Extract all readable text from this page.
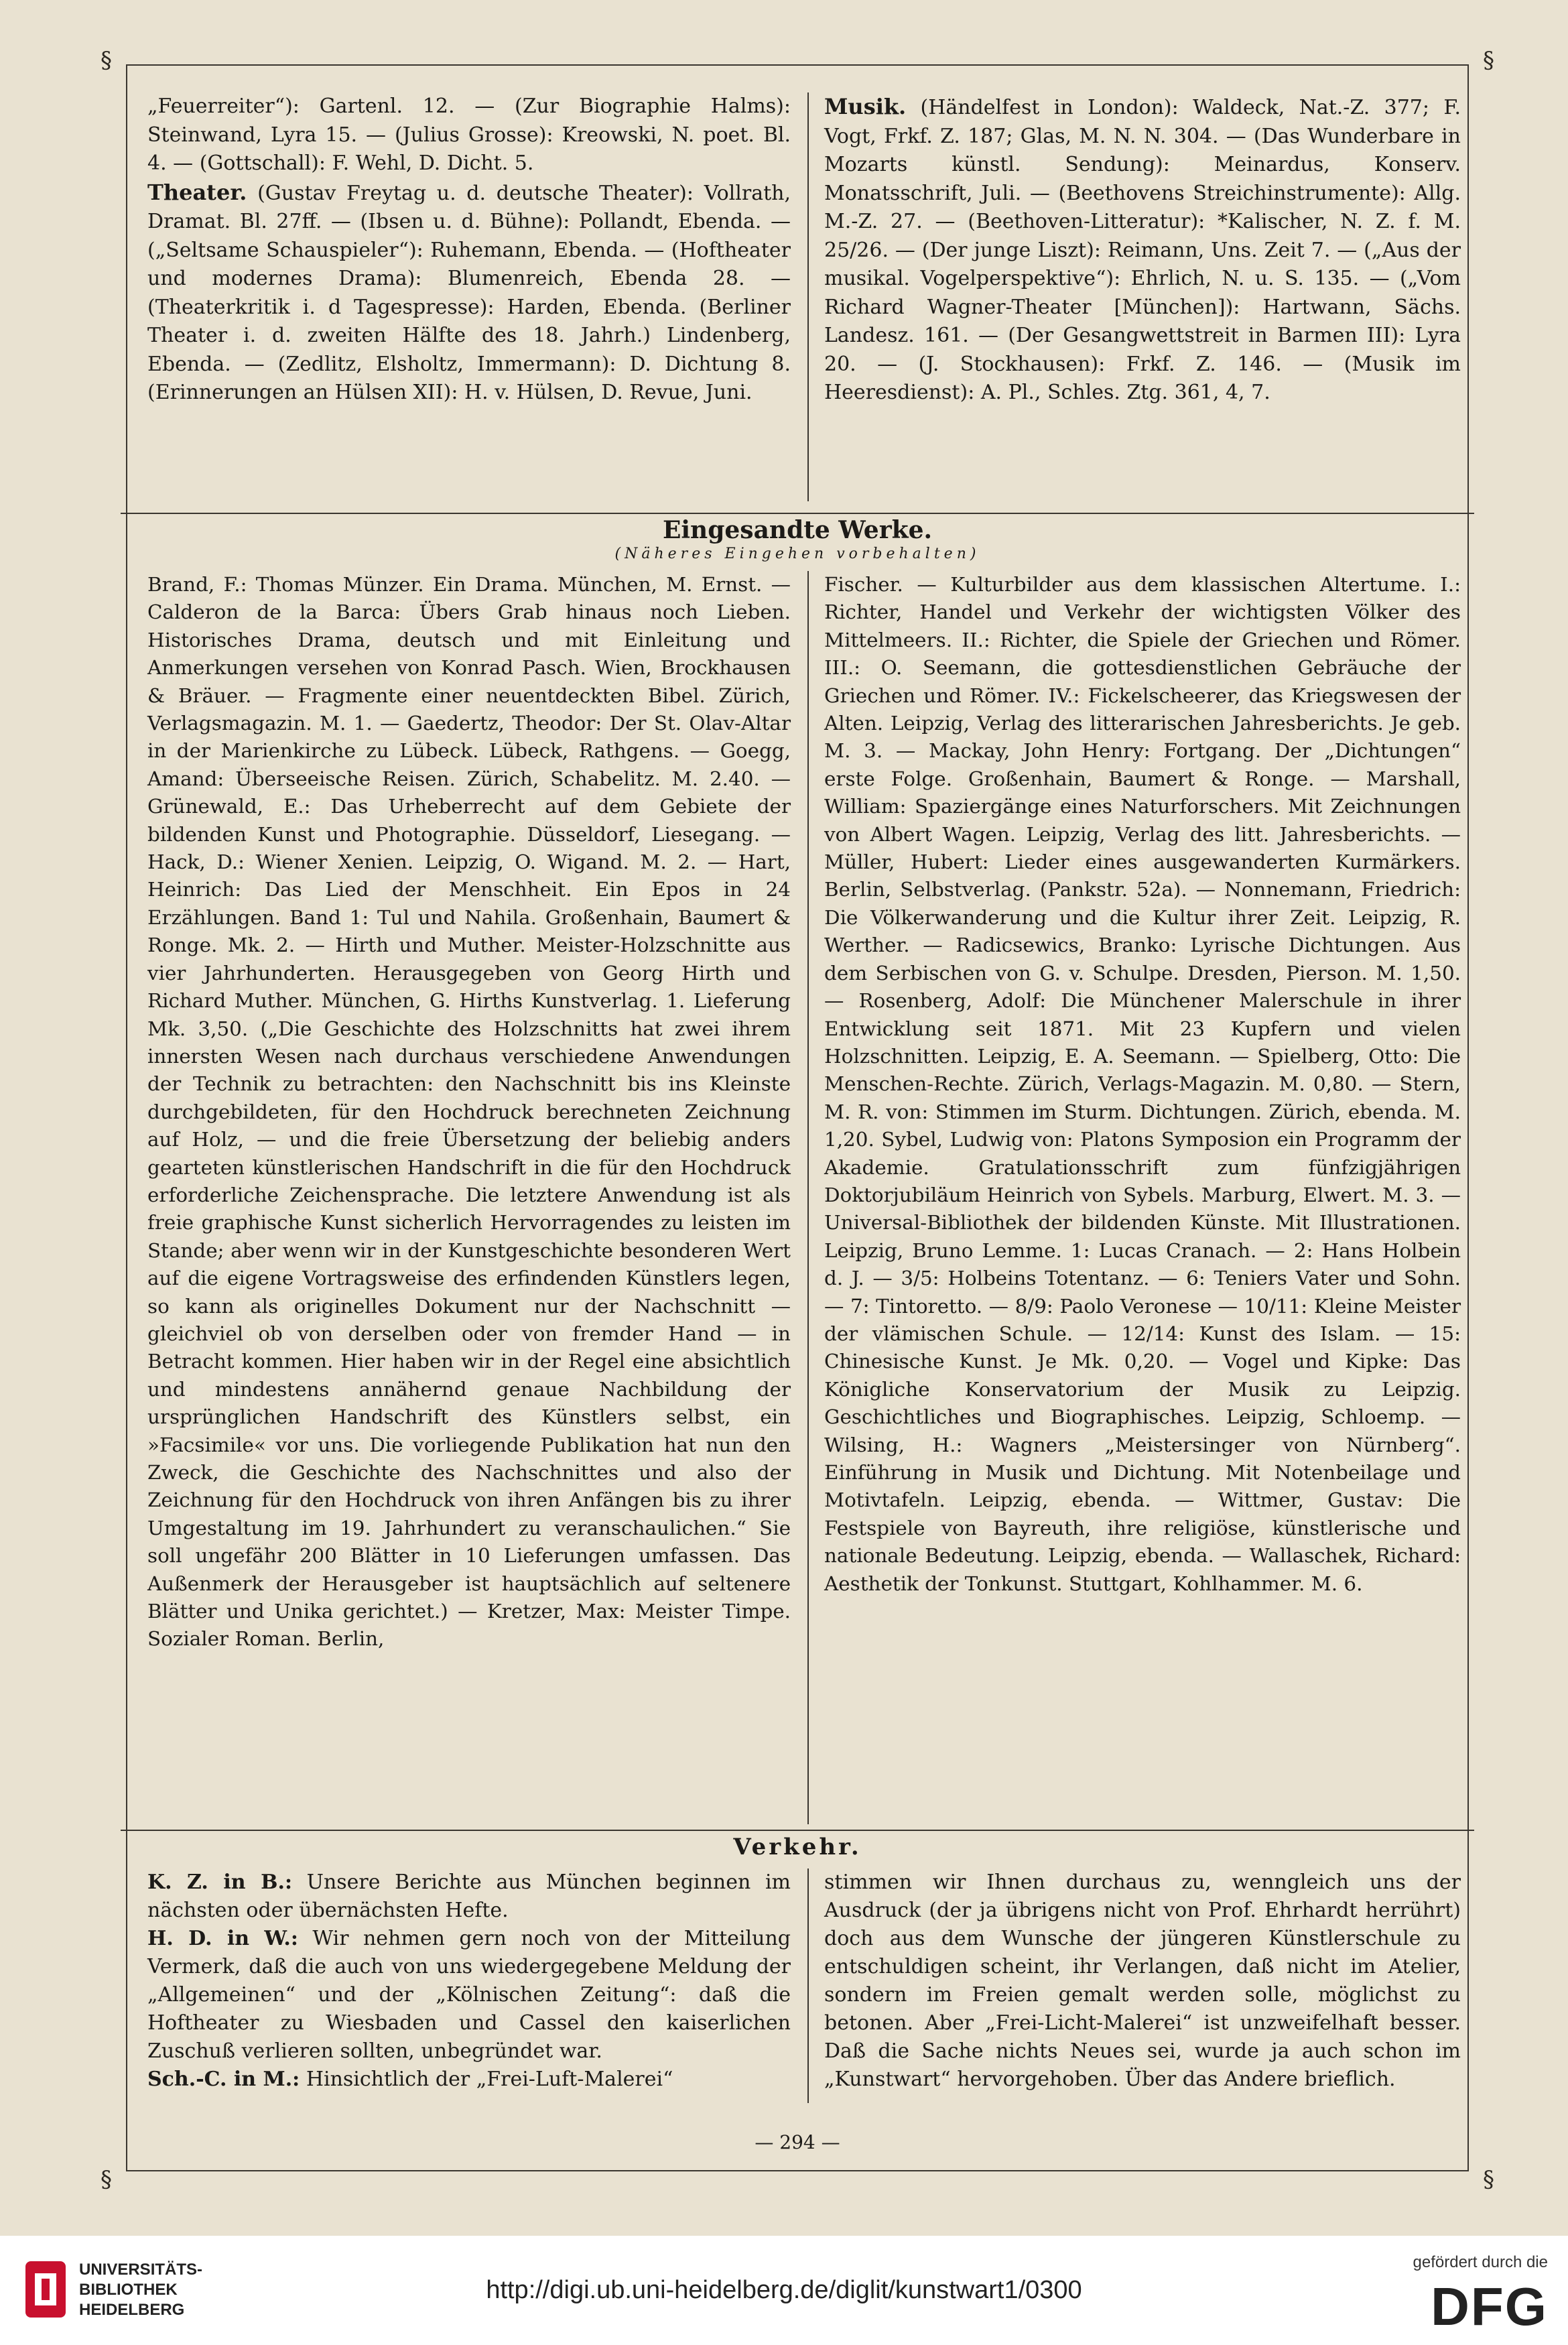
§	§
§	§

„Feuerreiter“): Gartenl. 12. — (Zur Biographie Halms): Steinwand, Lyra 15. — (Julius Grosse): Kreowski, N. poet. Bl. 4. — (Gottschall): F. Wehl, D. Dicht. 5.

Theater. (Gustav Freytag u. d. deutsche Theater): Vollrath, Dramat. Bl. 27ff. — (Ibsen u. d. Bühne): Pollandt, Ebenda. — („Seltsame Schauspieler“): Ruhemann, Ebenda. — (Hoftheater und modernes Drama): Blumenreich, Ebenda 28. — (Theaterkritik i. d Tagespresse): Harden, Ebenda. (Berliner Theater i. d. zweiten Hälfte des 18. Jahrh.) Lindenberg, Ebenda. — (Zedlitz, Elsholtz, Immermann): D. Dichtung 8. (Erinnerungen an Hülsen XII): H. v. Hülsen, D. Revue, Juni.

Musik. (Händelfest in London): Waldeck, Nat.-Z. 377; F. Vogt, Frkf. Z. 187; Glas, M. N. N. 304. — (Das Wunderbare in Mozarts künstl. Sendung): Meinardus, Konserv. Monatsschrift, Juli. — (Beethovens Streichinstrumente): Allg. M.-Z. 27. — (Beethoven-Litteratur): *Kalischer, N. Z. f. M. 25/26. — (Der junge Liszt): Reimann, Uns. Zeit 7. — („Aus der musikal. Vogelperspektive“): Ehrlich, N. u. S. 135. — („Vom Richard Wagner-Theater [München]): Hartwann, Sächs. Landesz. 161. — (Der Gesangwettstreit in Barmen III): Lyra 20. — (J. Stockhausen): Frkf. Z. 146. — (Musik im Heeresdienst): A. Pl., Schles. Ztg. 361, 4, 7.

Eingesandte Werke.
(Näheres Eingehen vorbehalten)

Brand, F.: Thomas Münzer. Ein Drama. München, M. Ernst. — Calderon de la Barca: Übers Grab hinaus noch Lieben. Historisches Drama, deutsch und mit Einleitung und Anmerkungen versehen von Konrad Pasch. Wien, Brockhausen & Bräuer. — Fragmente einer neuentdeckten Bibel. Zürich, Verlagsmagazin. M. 1. — Gaedertz, Theodor: Der St. Olav-Altar in der Marienkirche zu Lübeck. Lübeck, Rathgens. — Goegg, Amand: Überseeische Reisen. Zürich, Schabelitz. M. 2.40. — Grünewald, E.: Das Urheberrecht auf dem Gebiete der bildenden Kunst und Photographie. Düsseldorf, Liesegang. — Hack, D.: Wiener Xenien. Leipzig, O. Wigand. M. 2. — Hart, Heinrich: Das Lied der Menschheit. Ein Epos in 24 Erzählungen. Band 1: Tul und Nahila. Großenhain, Baumert & Ronge. Mk. 2. — Hirth und Muther. Meister-Holzschnitte aus vier Jahrhunderten. Herausgegeben von Georg Hirth und Richard Muther. München, G. Hirths Kunstverlag. 1. Lieferung Mk. 3,50. („Die Geschichte des Holzschnitts hat zwei ihrem innersten Wesen nach durchaus verschiedene Anwendungen der Technik zu betrachten: den Nachschnitt bis ins Kleinste durchgebildeten, für den Hochdruck berechneten Zeichnung auf Holz, — und die freie Übersetzung der beliebig anders gearteten künstlerischen Handschrift in die für den Hochdruck erforderliche Zeichensprache. Die letztere Anwendung ist als freie graphische Kunst sicherlich Hervorragendes zu leisten im Stande; aber wenn wir in der Kunstgeschichte besonderen Wert auf die eigene Vortragsweise des erfindenden Künstlers legen, so kann als originelles Dokument nur der Nachschnitt — gleichviel ob von derselben oder von fremder Hand — in Betracht kommen. Hier haben wir in der Regel eine absichtlich und mindestens annähernd genaue Nachbildung der ursprünglichen Handschrift des Künstlers selbst, ein »Facsimile« vor uns. Die vorliegende Publikation hat nun den Zweck, die Geschichte des Nachschnittes und also der Zeichnung für den Hochdruck von ihren Anfängen bis zu ihrer Umgestaltung im 19. Jahrhundert zu veranschaulichen.“ Sie soll ungefähr 200 Blätter in 10 Lieferungen umfassen. Das Außenmerk der Herausgeber ist hauptsächlich auf seltenere Blätter und Unika gerichtet.) — Kretzer, Max: Meister Timpe. Sozialer Roman. Berlin,

Fischer. — Kulturbilder aus dem klassischen Altertume. I.: Richter, Handel und Verkehr der wichtigsten Völker des Mittelmeers. II.: Richter, die Spiele der Griechen und Römer. III.: O. Seemann, die gottesdienstlichen Gebräuche der Griechen und Römer. IV.: Fickelscheerer, das Kriegswesen der Alten. Leipzig, Verlag des litterarischen Jahresberichts. Je geb. M. 3. — Mackay, John Henry: Fortgang. Der „Dichtungen“ erste Folge. Großenhain, Baumert & Ronge. — Marshall, William: Spaziergänge eines Naturforschers. Mit Zeichnungen von Albert Wagen. Leipzig, Verlag des litt. Jahresberichts. — Müller, Hubert: Lieder eines ausgewanderten Kurmärkers. Berlin, Selbstverlag. (Pankstr. 52a). — Nonnemann, Friedrich: Die Völkerwanderung und die Kultur ihrer Zeit. Leipzig, R. Werther. — Radicsewics, Branko: Lyrische Dichtungen. Aus dem Serbischen von G. v. Schulpe. Dresden, Pierson. M. 1,50. — Rosenberg, Adolf: Die Münchener Malerschule in ihrer Entwicklung seit 1871. Mit 23 Kupfern und vielen Holzschnitten. Leipzig, E. A. Seemann. — Spielberg, Otto: Die Menschen-Rechte. Zürich, Verlags-Magazin. M. 0,80. — Stern, M. R. von: Stimmen im Sturm. Dichtungen. Zürich, ebenda. M. 1,20. Sybel, Ludwig von: Platons Symposion ein Programm der Akademie. Gratulationsschrift zum fünfzigjährigen Doktorjubiläum Heinrich von Sybels. Marburg, Elwert. M. 3. — Universal-Bibliothek der bildenden Künste. Mit Illustrationen. Leipzig, Bruno Lemme. 1: Lucas Cranach. — 2: Hans Holbein d. J. — 3/5: Holbeins Totentanz. — 6: Teniers Vater und Sohn. — 7: Tintoretto. — 8/9: Paolo Veronese — 10/11: Kleine Meister der vlämischen Schule. — 12/14: Kunst des Islam. — 15: Chinesische Kunst. Je Mk. 0,20. — Vogel und Kipke: Das Königliche Konservatorium der Musik zu Leipzig. Geschichtliches und Biographisches. Leipzig, Schloemp. — Wilsing, H.: Wagners „Meistersinger von Nürnberg“. Einführung in Musik und Dichtung. Mit Notenbeilage und Motivtafeln. Leipzig, ebenda. — Wittmer, Gustav: Die Festspiele von Bayreuth, ihre religiöse, künstlerische und nationale Bedeutung. Leipzig, ebenda. — Wallaschek, Richard: Aesthetik der Tonkunst. Stuttgart, Kohlhammer. M. 6.

Verkehr.

K. Z. in B.: Unsere Berichte aus München beginnen im nächsten oder übernächsten Hefte.

H. D. in W.: Wir nehmen gern noch von der Mitteilung Vermerk, daß die auch von uns wiedergegebene Meldung der „Allgemeinen“ und der „Kölnischen Zeitung“: daß die Hoftheater zu Wiesbaden und Cassel den kaiserlichen Zuschuß verlieren sollten, unbegründet war.

Sch.-C. in M.: Hinsichtlich der „Frei-Luft-Malerei“

stimmen wir Ihnen durchaus zu, wenngleich uns der Ausdruck (der ja übrigens nicht von Prof. Ehrhardt herrührt) doch aus dem Wunsche der jüngeren Künstlerschule zu entschuldigen scheint, ihr Verlangen, daß nicht im Atelier, sondern im Freien gemalt werden solle, möglichst zu betonen. Aber „Frei-Licht-Malerei“ ist unzweifelhaft besser. Daß die Sache nichts Neues sei, wurde ja auch schon im „Kunstwart“ hervorgehoben. Über das Andere brieflich.

— 294 —
UNIVERSITÄTS-
BIBLIOTHEK
HEIDELBERG
http://digi.ub.uni-heidelberg.de/diglit/kunstwart1/0300
gefördert durch die
DFG
